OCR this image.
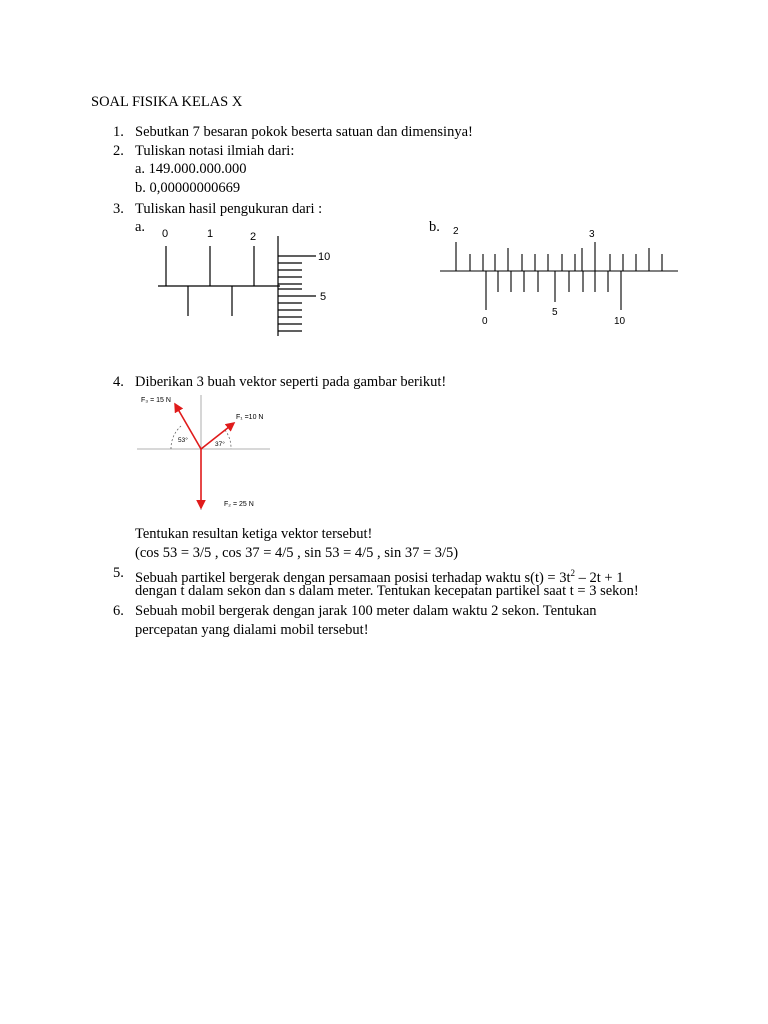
SOAL FISIKA KELAS X
1. Sebutkan 7 besaran pokok beserta satuan dan dimensinya!
2. Tuliskan notasi ilmiah dari:
a. 149.000.000.000
b. 0,00000000669
3. Tuliskan hasil pengukuran dari :
a.	b.
0	1	2
10
5
2	3
0
5
10
4. Diberikan 3 buah vektor seperti pada gambar berikut!
F₃ = 15 N
F₁ =10 N
F₂ = 25 N
53°
37°
Tentukan resultan ketiga vektor tersebut!
(cos 53 = 3/5 , cos 37 = 4/5 , sin 53 = 4/5 , sin 37 = 3/5)
5. Sebuah partikel bergerak dengan persamaan posisi terhadap waktu $s(t) = 3t^2 - 2t + 1$
dengan t dalam sekon dan s dalam meter. Tentukan kecepatan partikel saat t = 3 sekon!
6. Sebuah mobil bergerak dengan jarak 100 meter dalam waktu 2 sekon. Tentukan
percepatan yang dialami mobil tersebut!
